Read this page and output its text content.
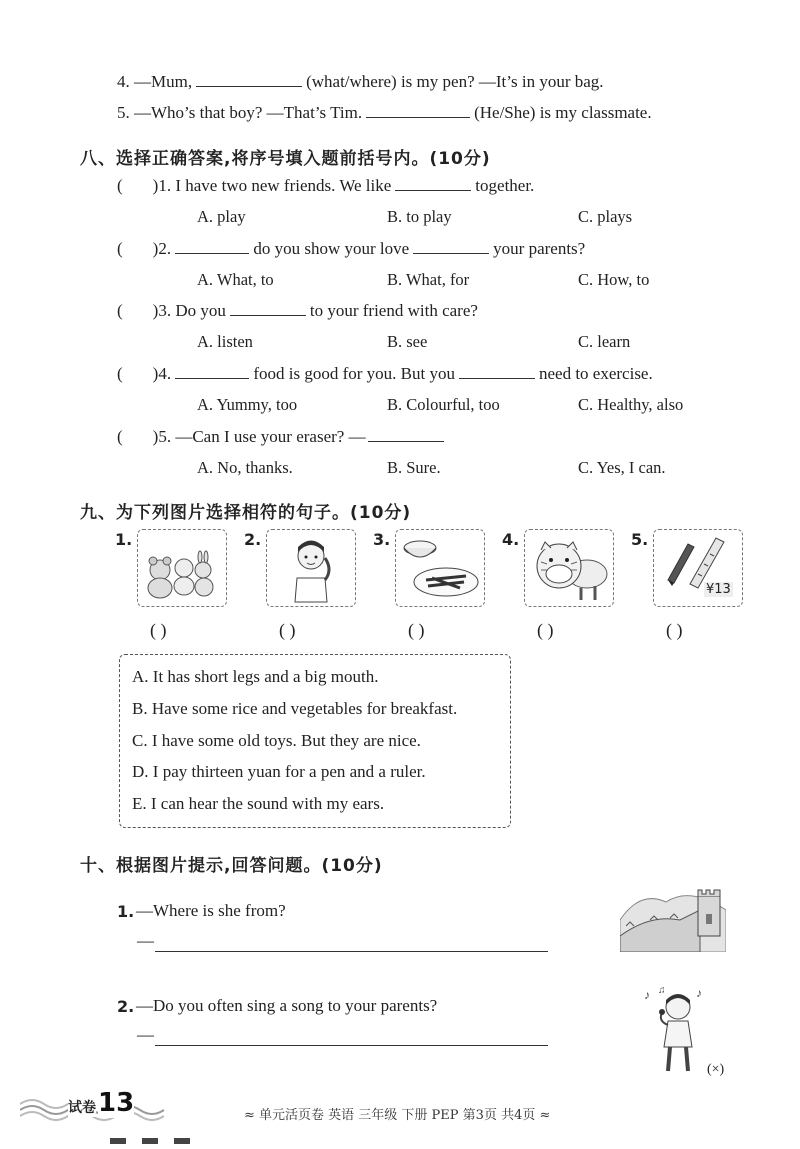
4. —Mum,	(what/where) is my pen? —It’s in your bag.
5. —Who’s that boy? —That’s Tim.	(He/She) is my classmate.
八、选择正确答案,将序号填入题前括号内。(10分)
( )1. I have two new friends. We like	together.
A. play	B. to play	C. plays
( )2.	do you show your love	your parents?
A. What, to	B. What, for	C. How, to
( )3. Do you	to your friend with care?
A. listen	B. see	C. learn
( )4.	food is good for you. But you	need to exercise.
A. Yummy, too	B. Colourful, too	C. Healthy, also
( )5. —Can I use your eraser? —
A. No, thanks.	B. Sure.	C. Yes, I can.
九、为下列图片选择相符的句子。(10分)
1.	2.	3.	4.	5.
¥13
( )	( )	( )	( )	( )
A. It has short legs and a big mouth.
B. Have some rice and vegetables for breakfast.
C. I have some old toys. But they are nice.
D. I pay thirteen yuan for a pen and a ruler.
E. I can hear the sound with my ears.
十、根据图片提示,回答问题。(10分)
1. —Where is she from?
—
2. —Do you often sing a song to your parents?
—
♪ ♫	♪
(×)
试卷 13	≈ 单元活页卷 英语 三年级 下册 PEP 第3页 共4页 ≈
